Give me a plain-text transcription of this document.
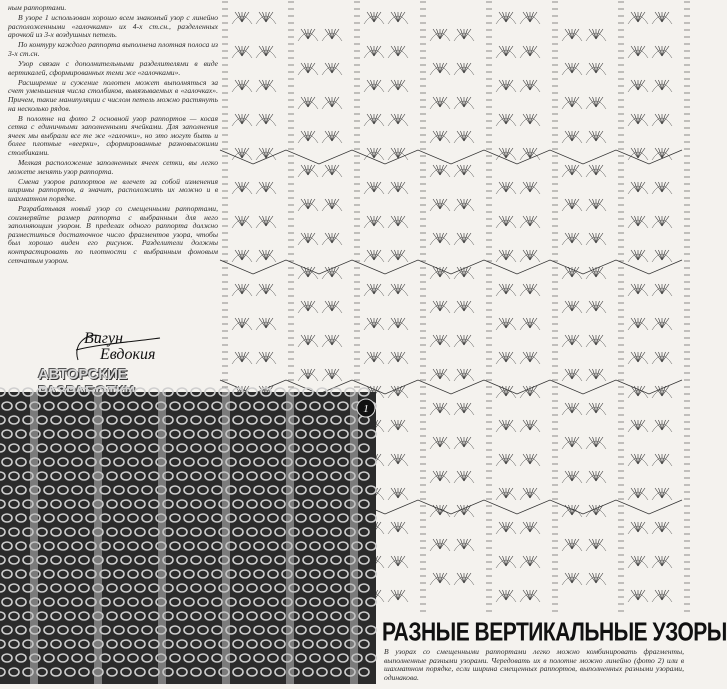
ным раппортами.

В узоре 1 использован хорошо всем знакомый узор с линейно расположенными «галочками» их 4-х ст.сн., разделенных арочкой из 3-х воздушных петель.

По контуру каждого раппорта выполнена плотная полоса из 3-х ст.сн.

Узор связан с дополнительными разделителями в виде вертикалей, сформированных теми же «галочками».

Расширение и сужение полотен может выполняться за счет уменьшения числа столбиков, вывязываемых в «галочках». Причем, такие манипуляции с числом петель можно растянуть на несколько рядов.

В полотне на фото 2 основной узор раппортов — косая сетка с единичными заполненными ячейками. Для заполнения ячеек мы выбрали все те же «галочки», но это могут быть и более плотные «веерки», сформированные разновысокими столбиками.

Мелкая расположение заполненных ячеек сетки, вы легко можете менять узор раппорта.

Смена узоров раппортов не влечет за собой изменения ширины раппортов, а значит, расположить их можно и в шахматном порядке.

Разрабатывая новый узор со смещенными раппортами, соизмеряйте размер раппорта с выбранным для него заполняющим узором. В пределах одного раппорта должно разместиться достаточное число фрагментов узора, чтобы был хорошо виден его рисунок. Разделители должны контрастировать по плотности с выбранным фоновым сетчатым узором.

Вигун
Евдокия
АВТОРСКИЕ
1
РАЗНЫЕ ВЕРТИКАЛЬНЫЕ УЗОРЫ
В узорах со смещенными раппортами легко можно комбинировать фрагменты, выполненные разными узорами. Чередовать их в полотне можно линейно (фото 2) или в шахматном порядке, если ширина смещенных раппортов, выполненных разными узорами, одинакова.
